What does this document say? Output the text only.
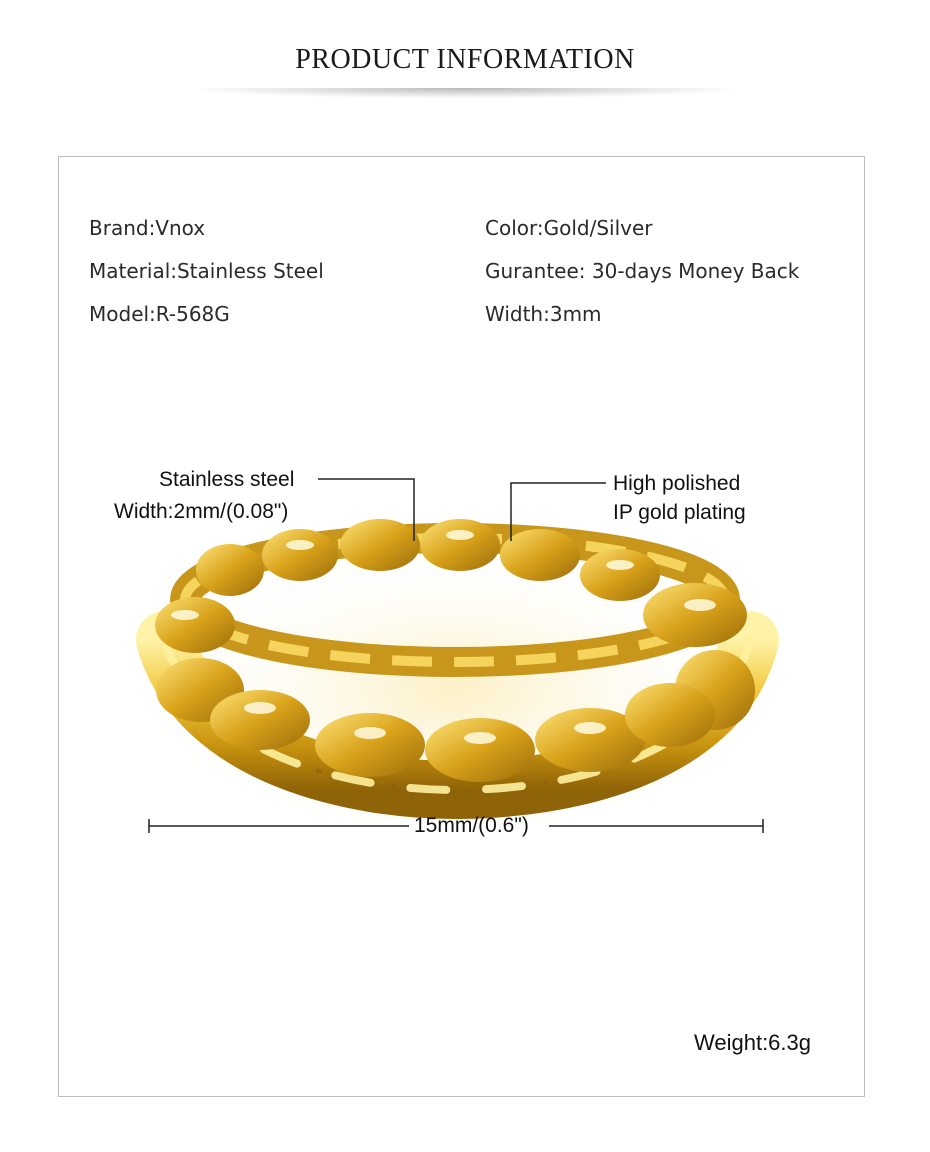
PRODUCT INFORMATION
Brand:Vnox
Material:Stainless Steel
Model:R-568G
Color:Gold/Silver
Gurantee: 30-days Money Back
Width:3mm
Stainless steel
Width:2mm/(0.08")
High polished
IP gold plating
15mm/(0.6")
Weight:6.3g
